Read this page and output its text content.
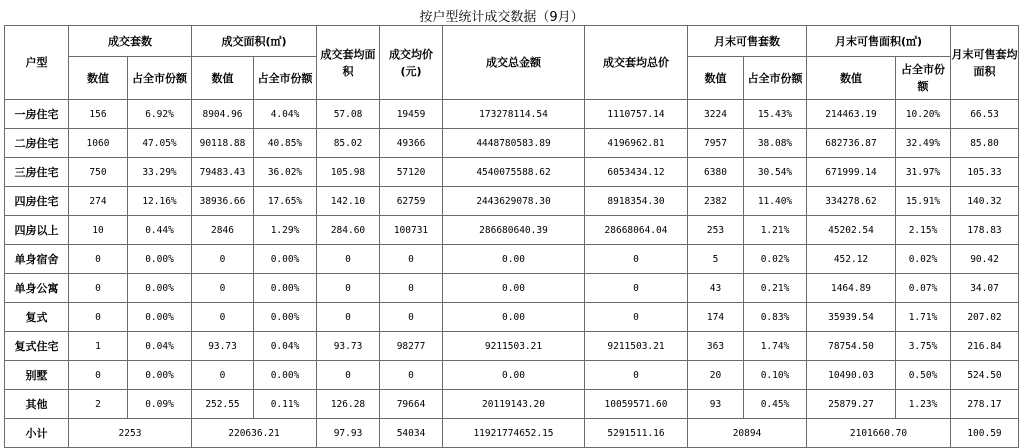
按户型统计成交数据（9月）
户型	成交套数		成交面积(㎡)		成交套均面积	成交均价(元)	成交总金额	成交套均总价	月末可售套数		月末可售面积(㎡)		月末可售套均面积
	数值	占全市份额	数值	占全市份额					数值	占全市份额	数值	占全市份额	
一房住宅	156	6.92%	8904.96	4.04%	57.08	19459	173278114.54	1110757.14	3224	15.43%	214463.19	10.20%	66.53
二房住宅	1060	47.05%	90118.88	40.85%	85.02	49366	4448780583.89	4196962.81	7957	38.08%	682736.87	32.49%	85.80
三房住宅	750	33.29%	79483.43	36.02%	105.98	57120	4540075588.62	6053434.12	6380	30.54%	671999.14	31.97%	105.33
四房住宅	274	12.16%	38936.66	17.65%	142.10	62759	2443629078.30	8918354.30	2382	11.40%	334278.62	15.91%	140.32
四房以上	10	0.44%	2846	1.29%	284.60	100731	286680640.39	28668064.04	253	1.21%	45202.54	2.15%	178.83
单身宿舍	0	0.00%	0	0.00%	0	0	0.00	0	5	0.02%	452.12	0.02%	90.42
单身公寓	0	0.00%	0	0.00%	0	0	0.00	0	43	0.21%	1464.89	0.07%	34.07
复式	0	0.00%	0	0.00%	0	0	0.00	0	174	0.83%	35939.54	1.71%	207.02
复式住宅	1	0.04%	93.73	0.04%	93.73	98277	9211503.21	9211503.21	363	1.74%	78754.50	3.75%	216.84
别墅	0	0.00%	0	0.00%	0	0	0.00	0	20	0.10%	10490.03	0.50%	524.50
其他	2	0.09%	252.55	0.11%	126.28	79664	20119143.20	10059571.60	93	0.45%	25879.27	1.23%	278.17
小计	2253		220636.21		97.93	54034	11921774652.15	5291511.16	20894		2101660.70		100.59
